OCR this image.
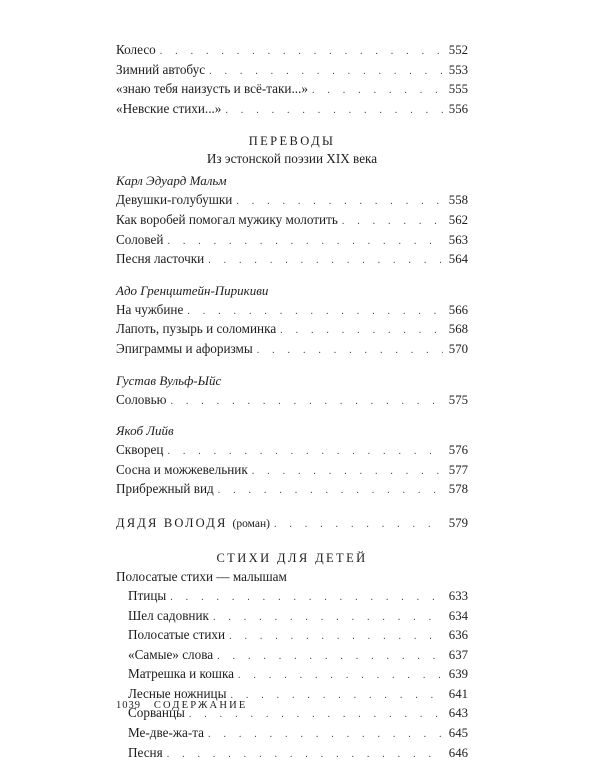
Колесо . . .	552
Зимний автобус . . .	553
«знаю тебя наизусть и всё-таки...» . . .	555
«Невские стихи...» . . .	556
ПЕРЕВОДЫ
Из эстонской поэзии XIX века
Карл Эдуард Мальм
Девушки-голубушки . . .	558
Как воробей помогал мужику молотить . . .	562
Соловей . . .	563
Песня ласточки . . .	564
Адо Гренцштейн-Пирикиви
На чужбине . . .	566
Лапоть, пузырь и соломинка . . .	568
Эпиграммы и афоризмы . . .	570
Густав Вульф-Ыйс
Соловью . . .	575
Якоб Лийв
Скворец . . .	576
Сосна и можжевельник . . .	577
Прибрежный вид . . .	578
ДЯДЯ ВОЛОДЯ (роман) . . .	579
СТИХИ ДЛЯ ДЕТЕЙ
Полосатые стихи — малышам
Птицы . . .	633
Шел садовник . . .	634
Полосатые стихи . . .	636
«Самые» слова . . .	637
Матрешка и кошка . . .	639
Лесные ножницы . . .	641
Сорванцы . . .	643
Ме-две-жа-та . . .	645
Песня . . .	646
1039 СОДЕРЖАНИЕ
